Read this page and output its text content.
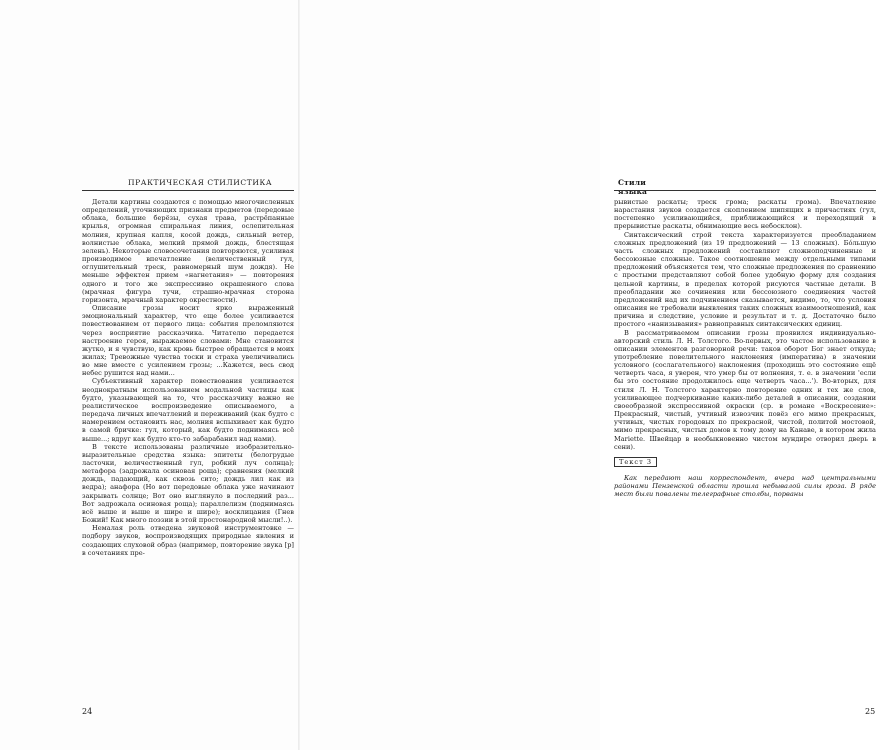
ПРАКТИЧЕСКАЯ СТИЛИСТИКА

Детали картины создаются с помощью многочисленных определений, уточняющих признаки предметов (передовые облака, большие берёзы, сухая трава, растрёпанные крылья, огромная спиральная линия, ослепительная молния, крупная капля, косой дождь, сильный ветер, волнистые облака, мелкий прямой дождь, блестящая зелень). Некоторые словосочетания повторяются, усиливая производимое впечатление (величественный гул, оглушительный треск, равномерный шум дождя). Не меньше эффектен прием «нагнетания» — повторения одного и того же экспрессивно окрашенного слова (мрачная фигура тучи, страшно-мрачная сторона горизонта, мрачный характер окрестности).

Описание грозы носит ярко выраженный эмоциональный характер, что еще более усиливается повествованием от первого лица: события преломляются через восприятие рассказчика. Читателю передается настроение героя, выражаемое словами: Мне становится жутко, и я чувствую, как кровь быстрее обращается в моих жилах; Тревожные чувства тоски и страха увеличивались во мне вместе с усилением грозы; ...Кажется, весь свод небес рушится над нами...

Субъективный характер повествования усиливается неоднократным использованием модальной частицы как будто, указывающей на то, что рассказчику важно не реалистическое воспроизведение описываемого, а передача личных впечатлений и переживаний (как будто с намерением остановить нас, молния вспыхивает как будто в самой бричке: гул, который, как будто поднимаясь всё выше...; вдруг как будто кто-то забарабанил над нами).

В тексте использованы различные изобразительно-выразительные средства языка: эпитеты (белогрудые ласточки, величественный гул, робкий луч солнца); метафора (задрожала осиновая роща); сравнения (мелкий дождь, падающий, как сквозь сито; дождь лил как из ведра); анафора (Но вот передовые облака уже начинают закрывать солнце; Вот оно выглянуло в последний раз... Вот задрожала осиновая роща); параллелизм (поднимаясь всё выше и выше и шире и шире); восклицания (Гнев Божий! Как много поэзии в этой простонародной мысли!..).

Немалая роль отведена звуковой инструментовке — подбору звуков, воспроизводящих природные явления и создающих слуховой образ (например, повторение звука [р] в сочетаниях пре-

24
Стили языка

рывистые раскаты; треск грома; раскаты грома). Впечатление нарастания звуков создается скоплением шипящих в причастиях (гул, постепенно усиливающийся, приближающийся и переходящий в прерывистые раскаты, обнимающие весь небосклон).

Синтаксический строй текста характеризуется преобладанием сложных предложений (из 19 предложений — 13 сложных). Бо́льшую часть сложных предложений составляют сложноподчиненные и бессоюзные сложные. Такое соотношение между отдельными типами предложений объясняется тем, что сложные предложения по сравнению с простыми представляют собой более удобную форму для создания цельной картины, в пределах которой рисуются частные детали. В преобладании же сочинения или бессоюзного соединения частей предложений над их подчинением сказывается, видимо, то, что условия описания не требовали выявления таких сложных взаимоотношений, как причина и следствие, условие и результат и т. д. Достаточно было простого «нанизывания» равноправных синтаксических единиц.

В рассматриваемом описании грозы проявился индивидуально-авторский стиль Л. Н. Толстого. Во-первых, это частое использование в описании элементов разговорной речи: таков оборот Бог знает откуда; употребление повелительного наклонения (императива) в значении условного (сослагательного) наклонения (проходишь это состояние ещё четверть часа, я уверен, что умер бы от волнения, т. е. в значении 'если бы это состояние продолжилось еще четверть часа...'). Во-вторых, для стиля Л. Н. Толстого характерно повторение одних и тех же слов, усиливающее подчеркивание каких-либо деталей в описании, создании своеобразной экспрессивной окраски (ср. в романе «Воскресение»: Прекрасный, чистый, учтивый извозчик повёз его мимо прекрасных, учтивых, чистых городовых по прекрасной, чистой, политой мостовой, мимо прекрасных, чистых домов к тому дому на Канаве, в котором жила Mariette. Швейцар в необыкновенно чистом мундире отворил дверь в сени).

Текст 3

Как передают наш корреспондент, вчера над центральными районами Пензенской области прошла небывалой силы гроза. В ряде мест были повалены телеграфные столбы, порваны

25
